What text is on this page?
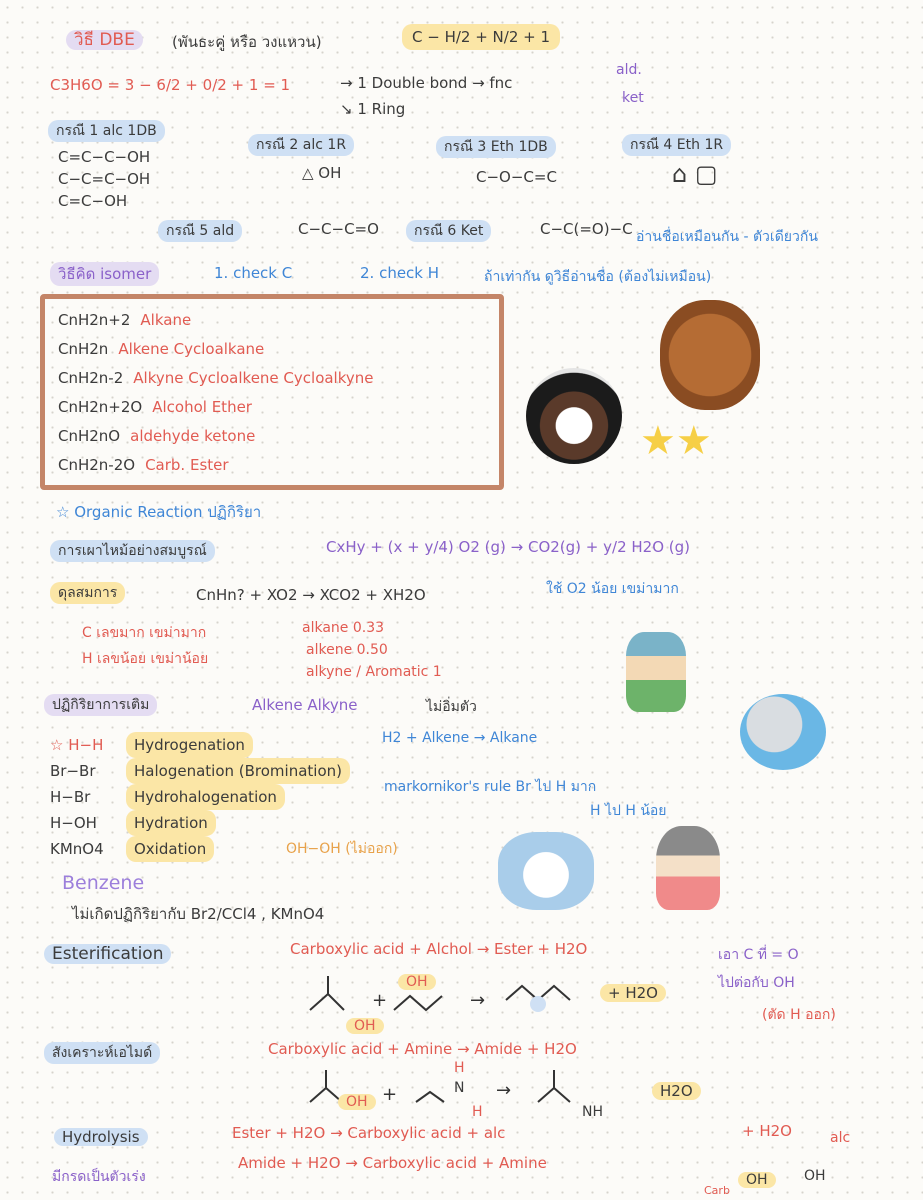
วิธี DBE	(พันธะคู่ หรือ วงแหวน)	C − H/2 + N/2 + 1
C3H6O = 3 − 6/2 + 0/2 + 1 = 1	→ 1 Double bond → fnc
↘ 1 Ring
ald.
ket
กรณี 1 alc 1DB
C=C−C−OH
C−C=C−OH
C=C−OH
กรณี 2 alc 1R
△ OH
กรณี 3 Eth 1DB
C−O−C=C
กรณี 4 Eth 1R
⌂ ▢
กรณี 5 ald	C−C−C=O	กรณี 6 Ket	C−C(=O)−C อ่านชื่อเหมือนกัน - ตัวเดียวกัน
วิธีคิด isomer	1. check C	2. check H	ถ้าเท่ากัน ดูวิธีอ่านชื่อ (ต้องไม่เหมือน)
CnH2n+2 Alkane
CnH2n Alkene Cycloalkane
CnH2n-2 Alkyne Cycloalkene Cycloalkyne
CnH2n+2O Alcohol Ether
CnH2nO aldehyde ketone
CnH2n-2O Carb. Ester
★★
☆ Organic Reaction ปฏิกิริยา
การเผาไหม้อย่างสมบูรณ์	CxHy + (x + y/4) O2 (g) → CO2(g) + y/2 H2O (g)
ดุลสมการ	CnHn? + XO2 → XCO2 + XH2O	ใช้ O2 น้อย เขม่ามาก
C เลขมาก เขม่ามาก
H เลขน้อย เขม่าน้อย
alkane 0.33
alkene 0.50
alkyne / Aromatic 1
ปฏิกิริยาการเติม	Alkene Alkyne	ไม่อิ่มตัว
☆ H−H	Hydrogenation
Br−Br	Halogenation (Bromination)
H−Br	Hydrohalogenation
H−OH	Hydration
KMnO4	Oxidation
H2 + Alkene → Alkane
markornikor's rule Br ไป H มาก
H ไป H น้อย
OH−OH (ไม่ออก)
Benzene
ไม่เกิดปฏิกิริยากับ Br2/CCl4 , KMnO4
Esterification	Carboxylic acid + Alchol → Ester + H2O	เอา C ที่ = O
ไปต่อกับ OH
(ตัด H ออก)
+	→
OH
OH
+ H2O
สังเคราะห์เอไมด์	Carboxylic acid + Amine → Amide + H2O
+	→
OH
H
N
H	NH
H2O
Hydrolysis
มีกรดเป็นตัวเร่ง
Ester + H2O → Carboxylic acid + alc
Amide + H2O → Carboxylic acid + Amine
+ H2O	alc
OH	OH
Carb
